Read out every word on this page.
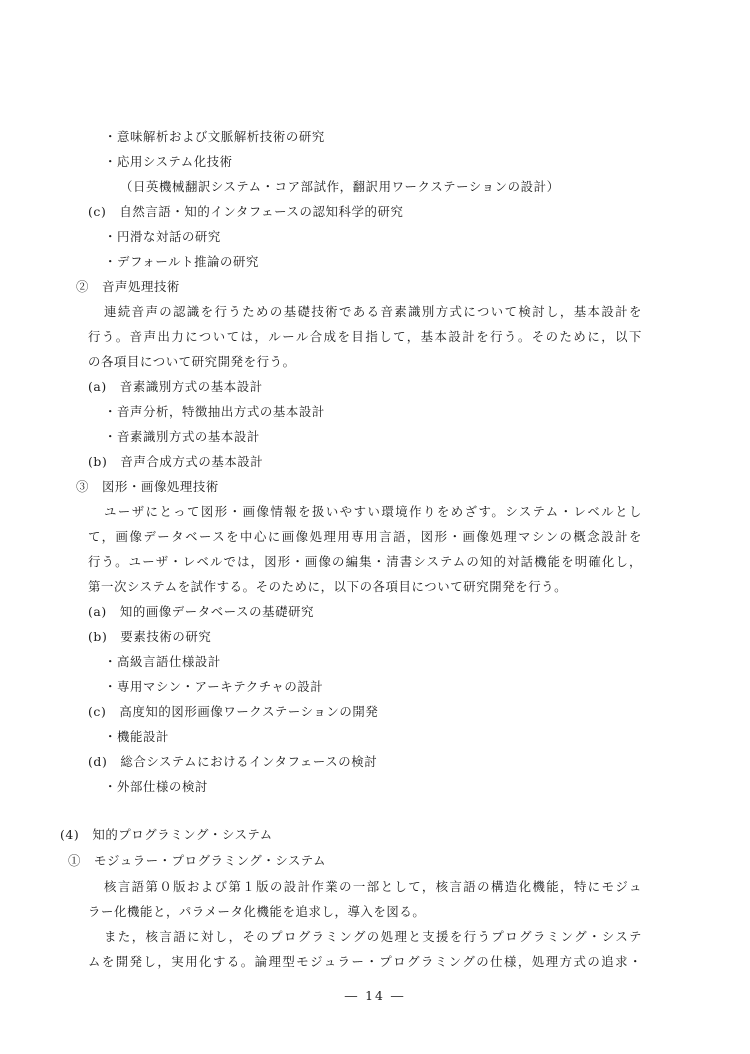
・意味解析および文脈解析技術の研究
・応用システム化技術
（日英機械翻訳システム・コア部試作，翻訳用ワークステーションの設計）
(c)　自然言語・知的インタフェースの認知科学的研究
・円滑な対話の研究
・デフォールト推論の研究
②　音声処理技術
連続音声の認識を行うための基礎技術である音素識別方式について検討し，基本設計を
行う。音声出力については，ルール合成を目指して，基本設計を行う。そのために，以下
の各項目について研究開発を行う。
(a)　音素識別方式の基本設計
・音声分析，特徴抽出方式の基本設計
・音素識別方式の基本設計
(b)　音声合成方式の基本設計
③　図形・画像処理技術
ユーザにとって図形・画像情報を扱いやすい環境作りをめざす。システム・レベルとし
て，画像データベースを中心に画像処理用専用言語，図形・画像処理マシンの概念設計を
行う。ユーザ・レベルでは，図形・画像の編集・清書システムの知的対話機能を明確化し，
第一次システムを試作する。そのために，以下の各項目について研究開発を行う。
(a)　知的画像データベースの基礎研究
(b)　要素技術の研究
・高級言語仕様設計
・専用マシン・アーキテクチャの設計
(c)　高度知的図形画像ワークステーションの開発
・機能設計
(d)　総合システムにおけるインタフェースの検討
・外部仕様の検討
(4)　知的プログラミング・システム
①　モジュラー・プログラミング・システム
核言語第０版および第１版の設計作業の一部として，核言語の構造化機能，特にモジュ
ラー化機能と，パラメータ化機能を追求し，導入を図る。
また，核言語に対し，そのプログラミングの処理と支援を行うプログラミング・システ
ムを開発し，実用化する。論理型モジュラー・プログラミングの仕様，処理方式の追求・
― 14 ―
